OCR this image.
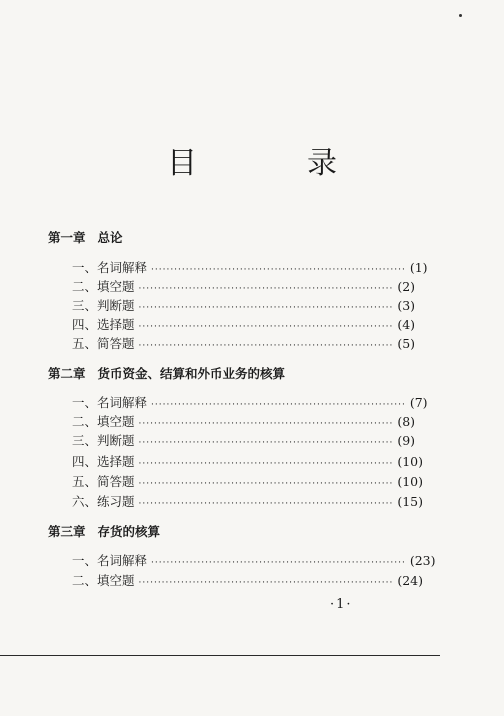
目　录
第一章 总论
一、名词解释 ·································································· (1)
二、填空题 ·································································· (2)
三、判断题 ·································································· (3)
四、选择题 ·································································· (4)
五、简答题 ·································································· (5)
第二章 货币资金、结算和外币业务的核算
一、名词解释 ·································································· (7)
二、填空题 ·································································· (8)
三、判断题 ·································································· (9)
四、选择题 ·································································· (10)
五、简答题 ·································································· (10)
六、练习题 ·································································· (15)
第三章 存货的核算
一、名词解释 ·································································· (23)
二、填空题 ·································································· (24)
·1·
